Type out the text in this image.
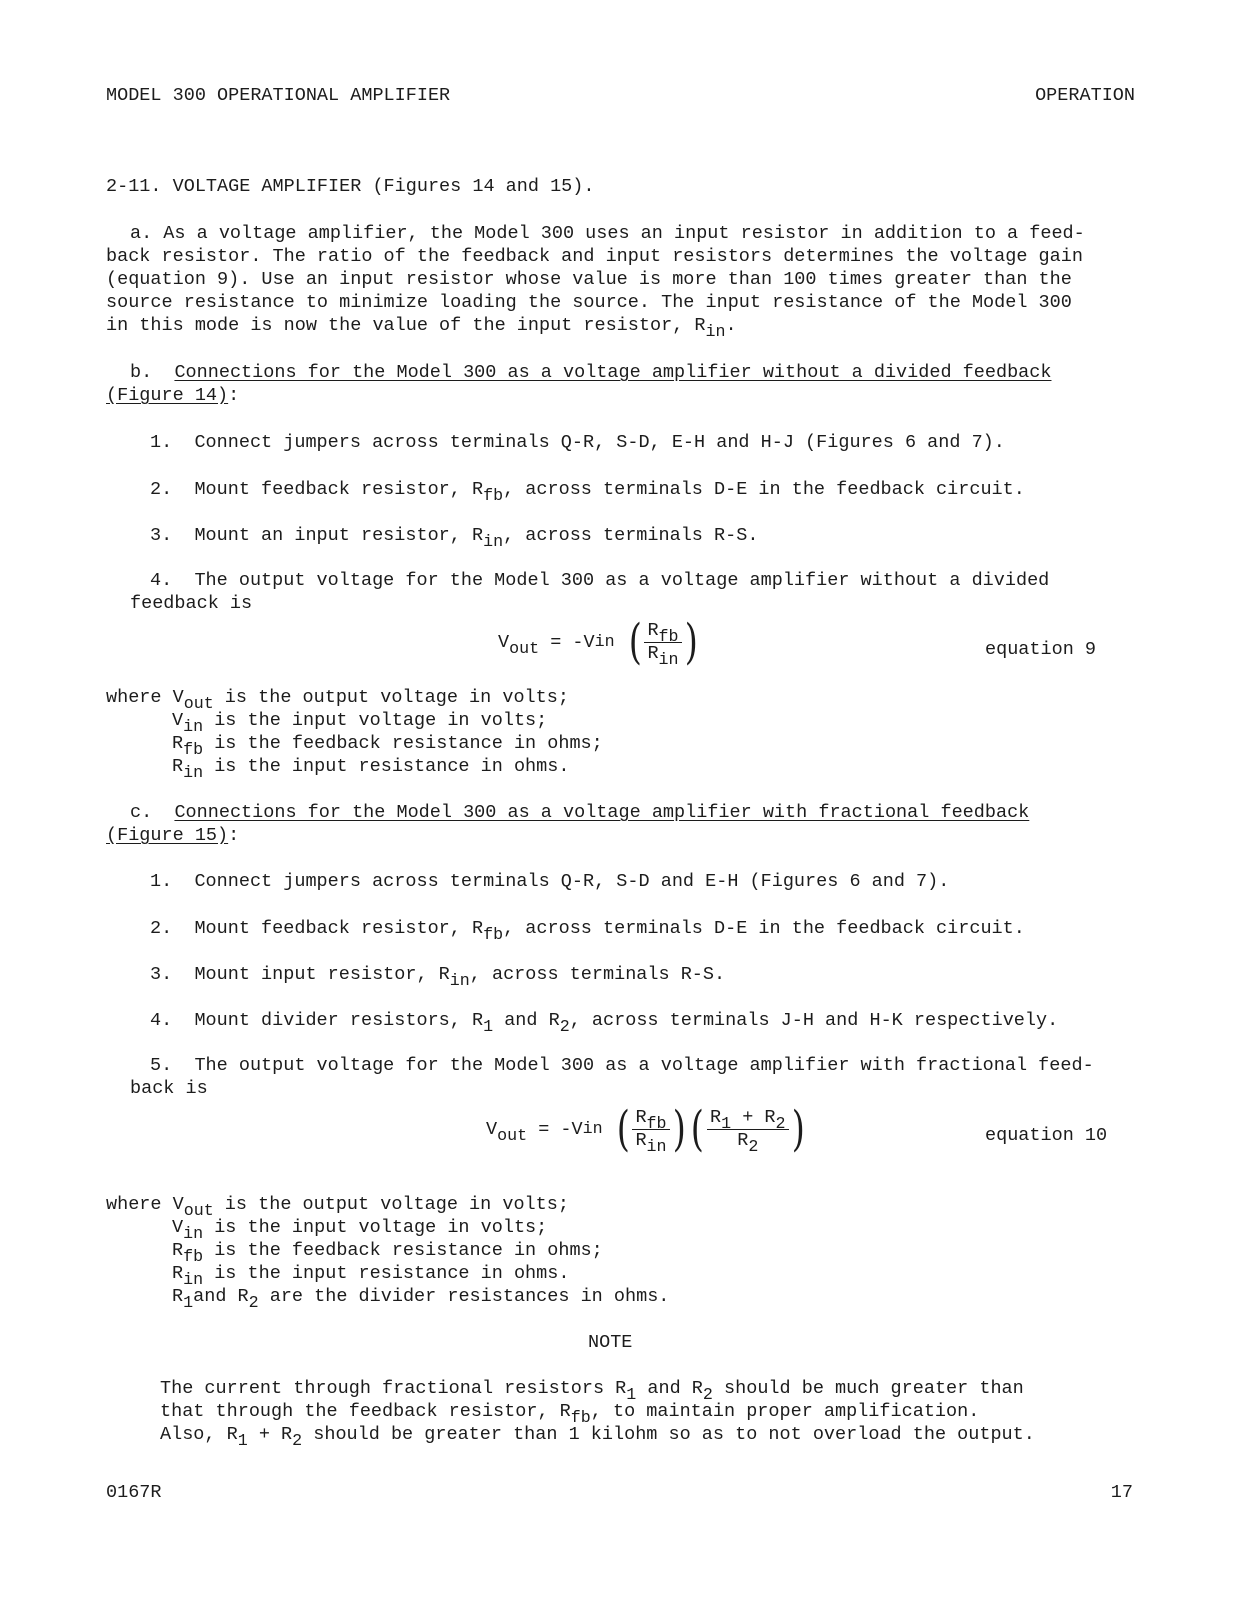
MODEL 300 OPERATIONAL AMPLIFIER	OPERATION
2-11. VOLTAGE AMPLIFIER (Figures 14 and 15).
a. As a voltage amplifier, the Model 300 uses an input resistor in addition to a feed-
back resistor. The ratio of the feedback and input resistors determines the voltage gain
(equation 9). Use an input resistor whose value is more than 100 times greater than the
source resistance to minimize loading the source. The input resistance of the Model 300
in this mode is now the value of the input resistor, $R_{in}$.
b. Connections for the Model 300 as a voltage amplifier without a divided feedback
(Figure 14):
1. Connect jumpers across terminals Q-R, S-D, E-H and H-J (Figures 6 and 7).
2. Mount feedback resistor, $R_{fb}$, across terminals D-E in the feedback circuit.
3. Mount an input resistor, $R_{in}$, across terminals R-S.
4. The output voltage for the Model 300 as a voltage amplifier without a divided
feedback is
$V_{out}$
= -V in
( $\frac{R_{fb}}{R_{in}}$ )	equation 9
where $V_{out}$ is the output voltage in volts;
$V_{in}$ is the input voltage in volts;
$R_{fb}$ is the feedback resistance in ohms;
$R_{in}$ is the input resistance in ohms.
c. Connections for the Model 300 as a voltage amplifier with fractional feedback
(Figure 15):
1. Connect jumpers across terminals Q-R, S-D and E-H (Figures 6 and 7).
2. Mount feedback resistor, $R_{fb}$, across terminals D-E in the feedback circuit.
3. Mount input resistor, $R_{in}$, across terminals R-S.
4. Mount divider resistors, $R_1$ and $R_2$, across terminals J-H and H-K respectively.
5. The output voltage for the Model 300 as a voltage amplifier with fractional feed-
back is
$V_{out}$
= -V in
( $\frac{R_{fb}}{R_{in}}$ ) ( $\frac{R_1 + R_2}{R_2}$ )	equation 10
where $V_{out}$ is the output voltage in volts;
$V_{in}$ is the input voltage in volts;
$R_{fb}$ is the feedback resistance in ohms;
$R_{in}$ is the input resistance in ohms.
$R_1and$ $R_2$ are the divider resistances in ohms.
NOTE
The current through fractional resistors $R_1$ and $R_2$ should be much greater than
that through the feedback resistor, $R_{fb}$, to maintain proper amplification.
Also, $R_1 + R_2$ should be greater than 1 kilohm so as to not overload the output.
0167R	17
